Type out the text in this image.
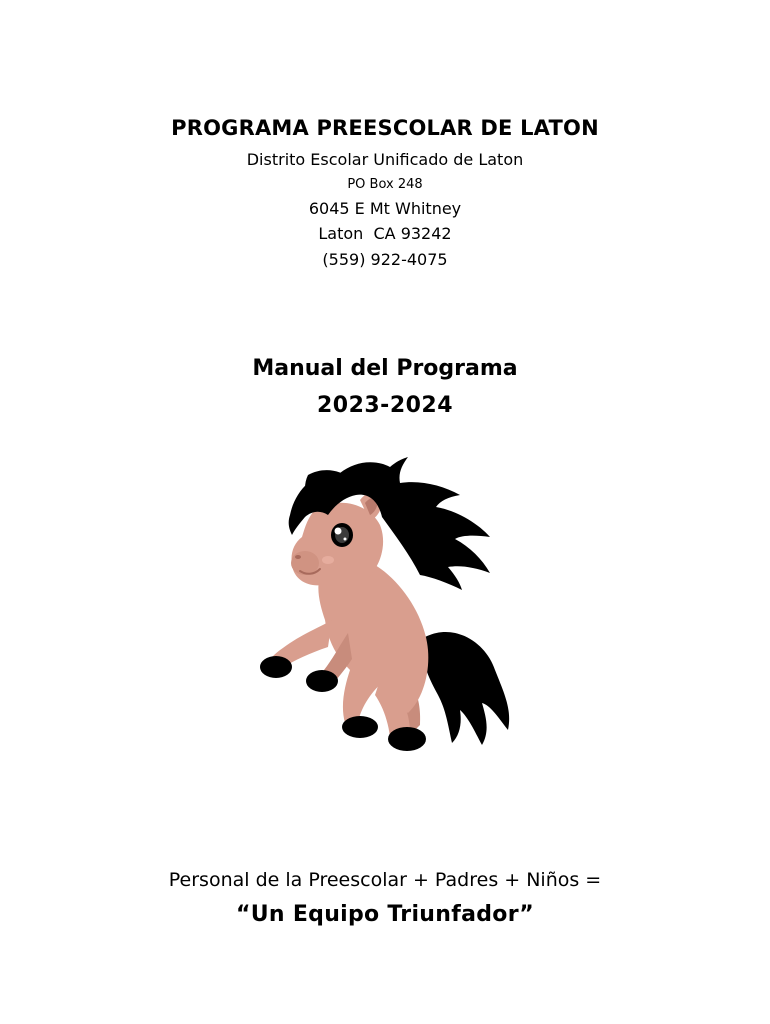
PROGRAMA PREESCOLAR DE LATON
Distrito Escolar Unificado de Laton
PO Box 248
6045 E Mt Whitney
Laton  CA 93242
(559) 922-4075
Manual del Programa
2023-2024
Personal de la Preescolar + Padres + Niños =
“Un Equipo Triunfador”
